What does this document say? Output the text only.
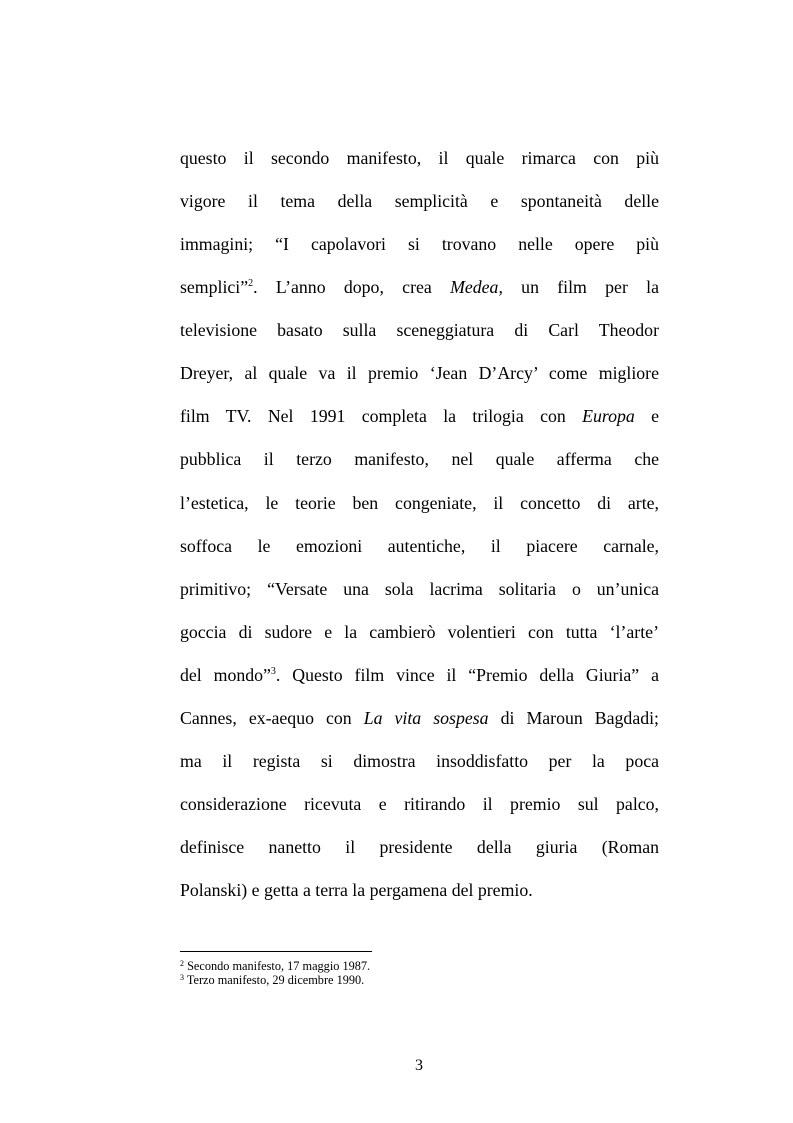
questo il secondo manifesto, il quale rimarca con più
vigore il tema della semplicità e spontaneità delle
immagini; “I capolavori si trovano nelle opere più
semplici”$^2$. L’anno dopo, crea Medea, un film per la
televisione basato sulla sceneggiatura di Carl Theodor
Dreyer, al quale va il premio ‘Jean D’Arcy’ come migliore
film TV. Nel 1991 completa la trilogia con Europa e
pubblica il terzo manifesto, nel quale afferma che
l’estetica, le teorie ben congeniate, il concetto di arte,
soffoca le emozioni autentiche, il piacere carnale,
primitivo; “Versate una sola lacrima solitaria o un’unica
goccia di sudore e la cambierò volentieri con tutta ‘l’arte’
del mondo”$^3$. Questo film vince il “Premio della Giuria” a
Cannes, ex-aequo con La vita sospesa di Maroun Bagdadi;
ma il regista si dimostra insoddisfatto per la poca
considerazione ricevuta e ritirando il premio sul palco,
definisce nanetto il presidente della giuria (Roman
Polanski) e getta a terra la pergamena del premio.
$^2$ Secondo manifesto, 17 maggio 1987.
$^3$ Terzo manifesto, 29 dicembre 1990.
3
